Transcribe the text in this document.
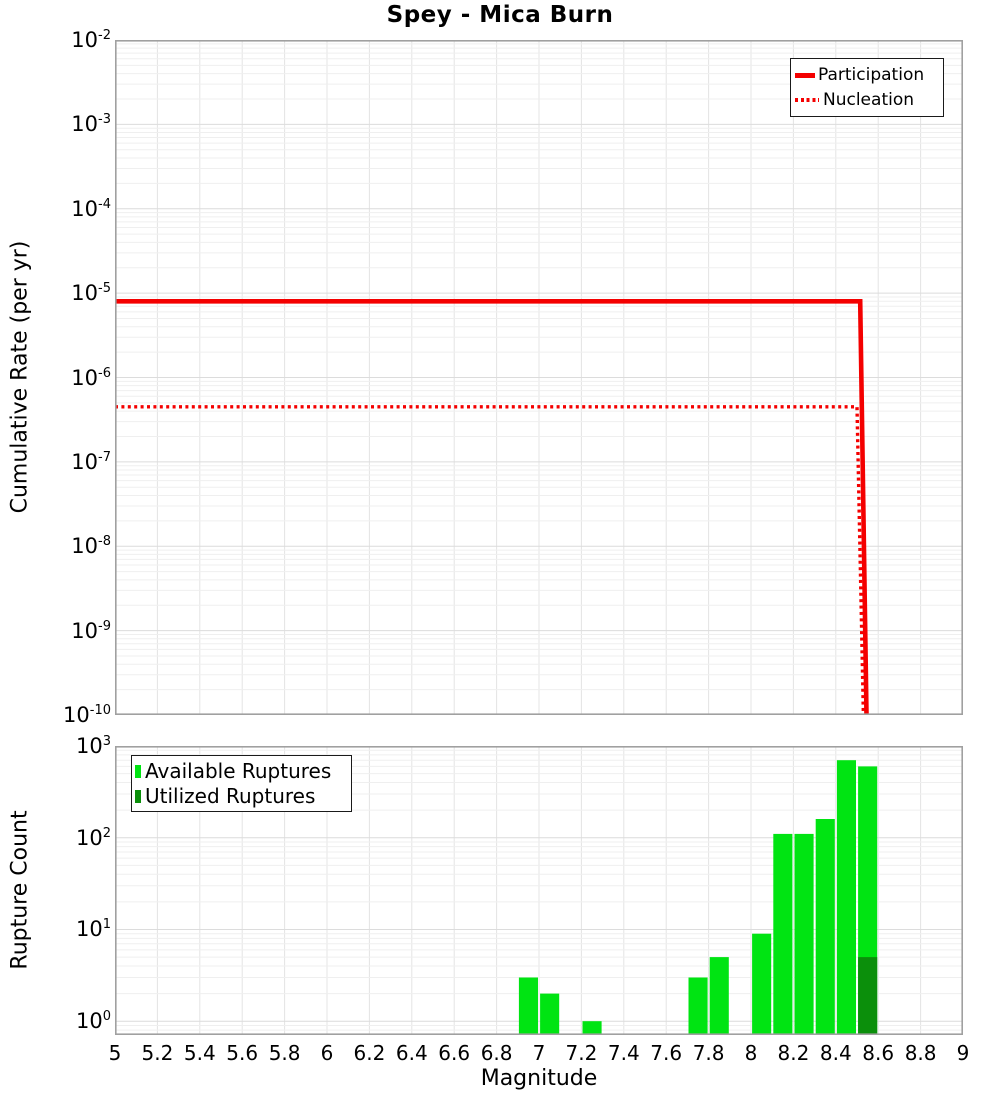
Spey - Mica Burn
Cumulative Rate (per yr)
Rupture Count
Magnitude
Participation
Nucleation
Available Ruptures
Utilized Ruptures
$10^{-2}$
$10^{-3}$
$10^{-4}$
$10^{-5}$
$10^{-6}$
$10^{-7}$
$10^{-8}$
$10^{-9}$
$10^{-10}$
$10^3$
$10^2$
$10^1$
$10^0$
5 5.2 5.4 5.6 5.8 6 6.2 6.4 6.6 6.8 7 7.2 7.4 7.6 7.8 8 8.2 8.4 8.6 8.8 9
